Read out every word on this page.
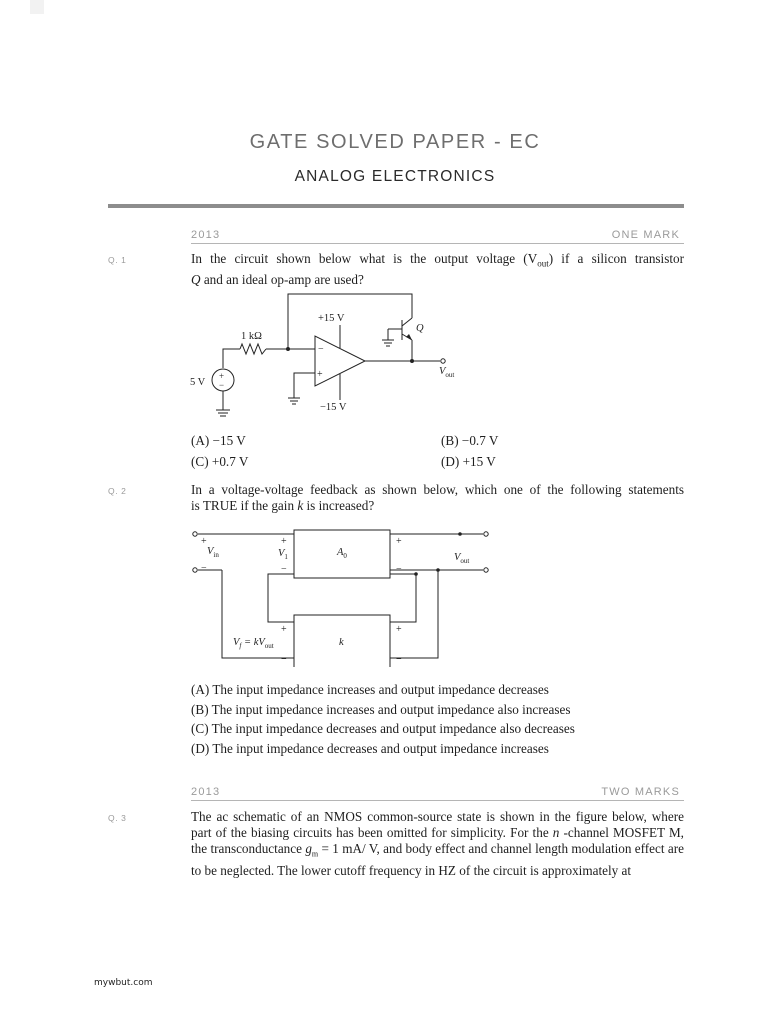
GATE SOLVED PAPER - EC
ANALOG ELECTRONICS
2013	ONE MARK
Q. 1	In the circuit shown below what is the output voltage $(V_{out})$ if a silicon transistor
Q and an ideal op-amp are used?
+15 V
−15 V
1 kΩ
5 V
+
−
−
+
Q
$V_{out}$
(A) −15 V	(B) −0.7 V
(C) +0.7 V	(D) +15 V
Q. 2	In a voltage-voltage feedback as shown below, which one of the following statements
is TRUE if the gain k is increased?
+
−
+
−
+
−
+
−
+
−
$V_{in}$	$V_1$	$A_0$	$V_{out}$
$V_f = kV_{out}$	k
(A) The input impedance increases and output impedance decreases
(B) The input impedance increases and output impedance also increases
(C) The input impedance decreases and output impedance also decreases
(D) The input impedance decreases and output impedance increases
2013	TWO MARKS
Q. 3	The ac schematic of an NMOS common-source state is shown in the figure below, where part of the biasing circuits has been omitted for simplicity. For the n -channel MOSFET M, the transconductance $g_m = 1$ mA/ V, and body effect and channel length modulation effect are to be neglected. The lower cutoff frequency in HZ of the circuit is approximately at
mywbut.com
